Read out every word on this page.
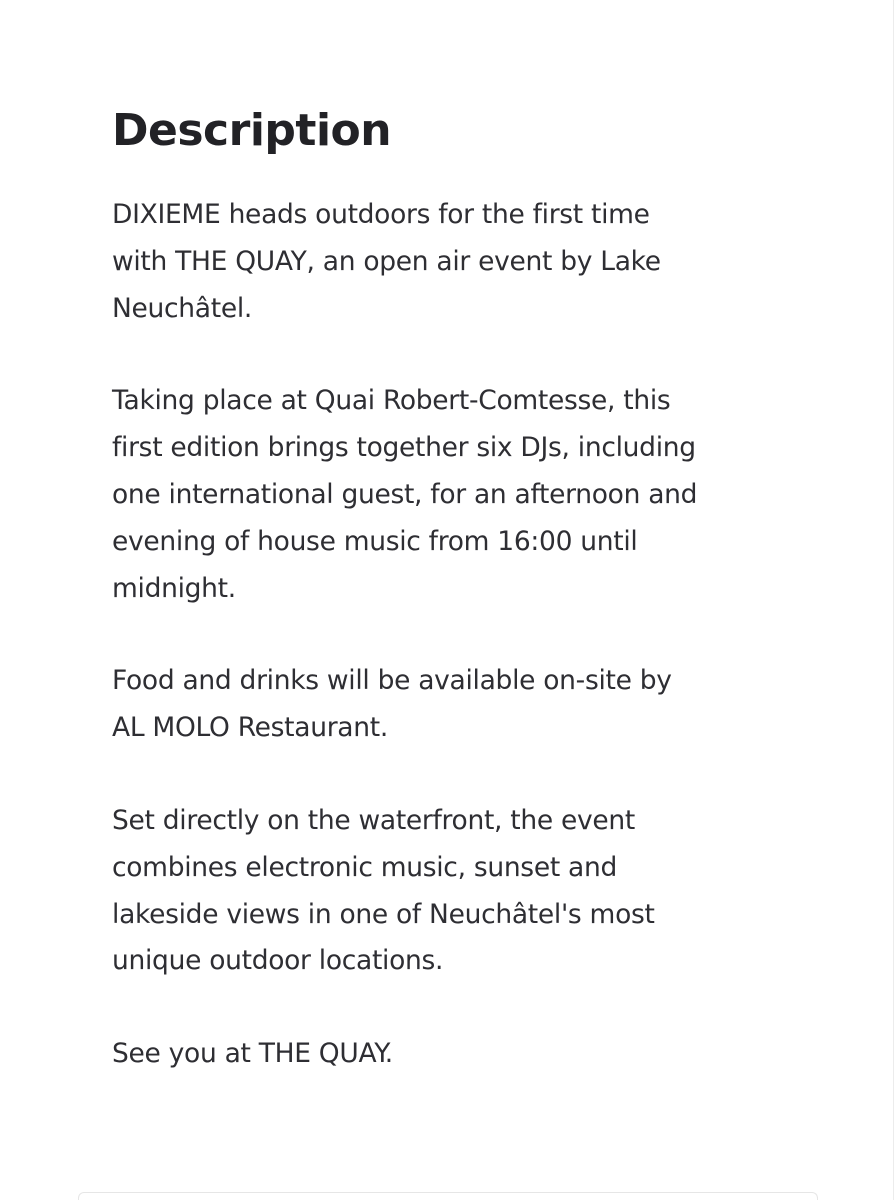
Description

DIXIEME heads outdoors for the first time
with THE QUAY, an open air event by Lake
Neuchâtel.

Taking place at Quai Robert-Comtesse, this
first edition brings together six DJs, including
one international guest, for an afternoon and
evening of house music from 16:00 until
midnight.

Food and drinks will be available on-site by
AL MOLO Restaurant.

Set directly on the waterfront, the event
combines electronic music, sunset and
lakeside views in one of Neuchâtel's most
unique outdoor locations.

See you at THE QUAY.
